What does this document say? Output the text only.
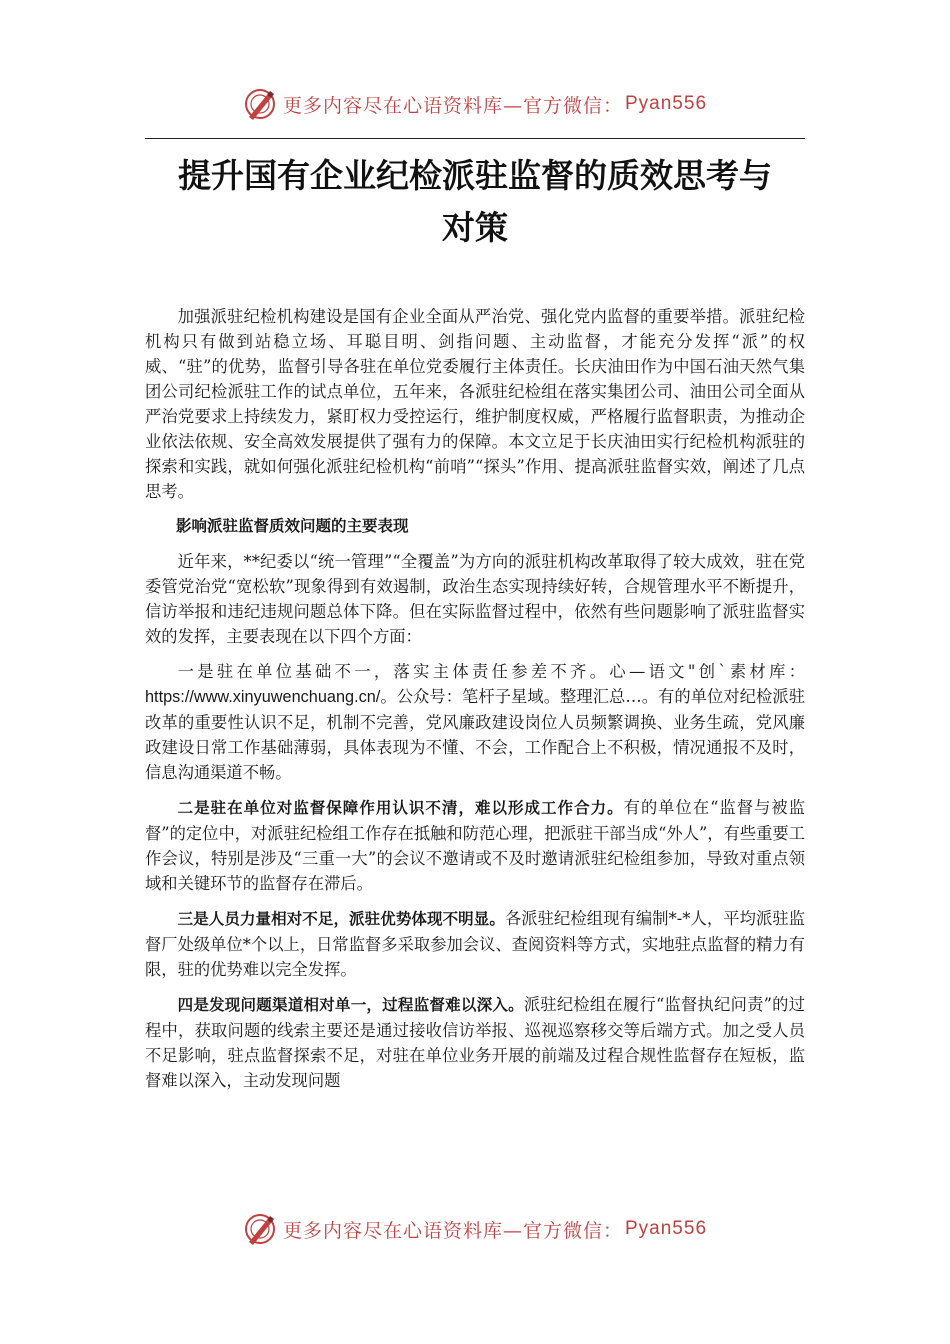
更多内容尽在心语资料库—官方微信： Pyan556
提升国有企业纪检派驻监督的质效思考与
对策

加强派驻纪检机构建设是国有企业全面从严治党、强化党内监督的重要举措。派驻纪检机构只有做到站稳立场、耳聪目明、剑指问题、主动监督，才能充分发挥“派”的权威、“驻”的优势，监督引导各驻在单位党委履行主体责任。长庆油田作为中国石油天然气集团公司纪检派驻工作的试点单位，五年来，各派驻纪检组在落实集团公司、油田公司全面从严治党要求上持续发力，紧盯权力受控运行，维护制度权威，严格履行监督职责，为推动企业依法依规、安全高效发展提供了强有力的保障。本文立足于长庆油田实行纪检机构派驻的探索和实践，就如何强化派驻纪检机构“前哨”“探头”作用、提高派驻监督实效，阐述了几点思考。

影响派驻监督质效问题的主要表现

近年来，**纪委以“统一管理”“全覆盖”为方向的派驻机构改革取得了较大成效，驻在党委管党治党“宽松软”现象得到有效遏制，政治生态实现持续好转，合规管理水平不断提升，信访举报和违纪违规问题总体下降。但在实际监督过程中，依然有些问题影响了派驻监督实效的发挥，主要表现在以下四个方面：

一是驻在单位基础不一，落实主体责任参差不齐。心—语文"创`素材库：https://www.xinyuwenchuang.cn/。公众号：笔杆子星域。整理汇总…。有的单位对纪检派驻改革的重要性认识不足，机制不完善，党风廉政建设岗位人员频繁调换、业务生疏，党风廉政建设日常工作基础薄弱，具体表现为不懂、不会，工作配合上不积极，情况通报不及时，信息沟通渠道不畅。

二是驻在单位对监督保障作用认识不清，难以形成工作合力。有的单位在“监督与被监督”的定位中，对派驻纪检组工作存在抵触和防范心理，把派驻干部当成“外人”，有些重要工作会议，特别是涉及“三重一大”的会议不邀请或不及时邀请派驻纪检组参加，导致对重点领域和关键环节的监督存在滞后。

三是人员力量相对不足，派驻优势体现不明显。各派驻纪检组现有编制*-*人，平均派驻监督厂处级单位*个以上，日常监督多采取参加会议、查阅资料等方式，实地驻点监督的精力有限，驻的优势难以完全发挥。

四是发现问题渠道相对单一，过程监督难以深入。派驻纪检组在履行“监督执纪问责”的过程中，获取问题的线索主要还是通过接收信访举报、巡视巡察移交等后端方式。加之受人员不足影响，驻点监督探索不足，对驻在单位业务开展的前端及过程合规性监督存在短板，监督难以深入，主动发现问题

更多内容尽在心语资料库—官方微信： Pyan556
